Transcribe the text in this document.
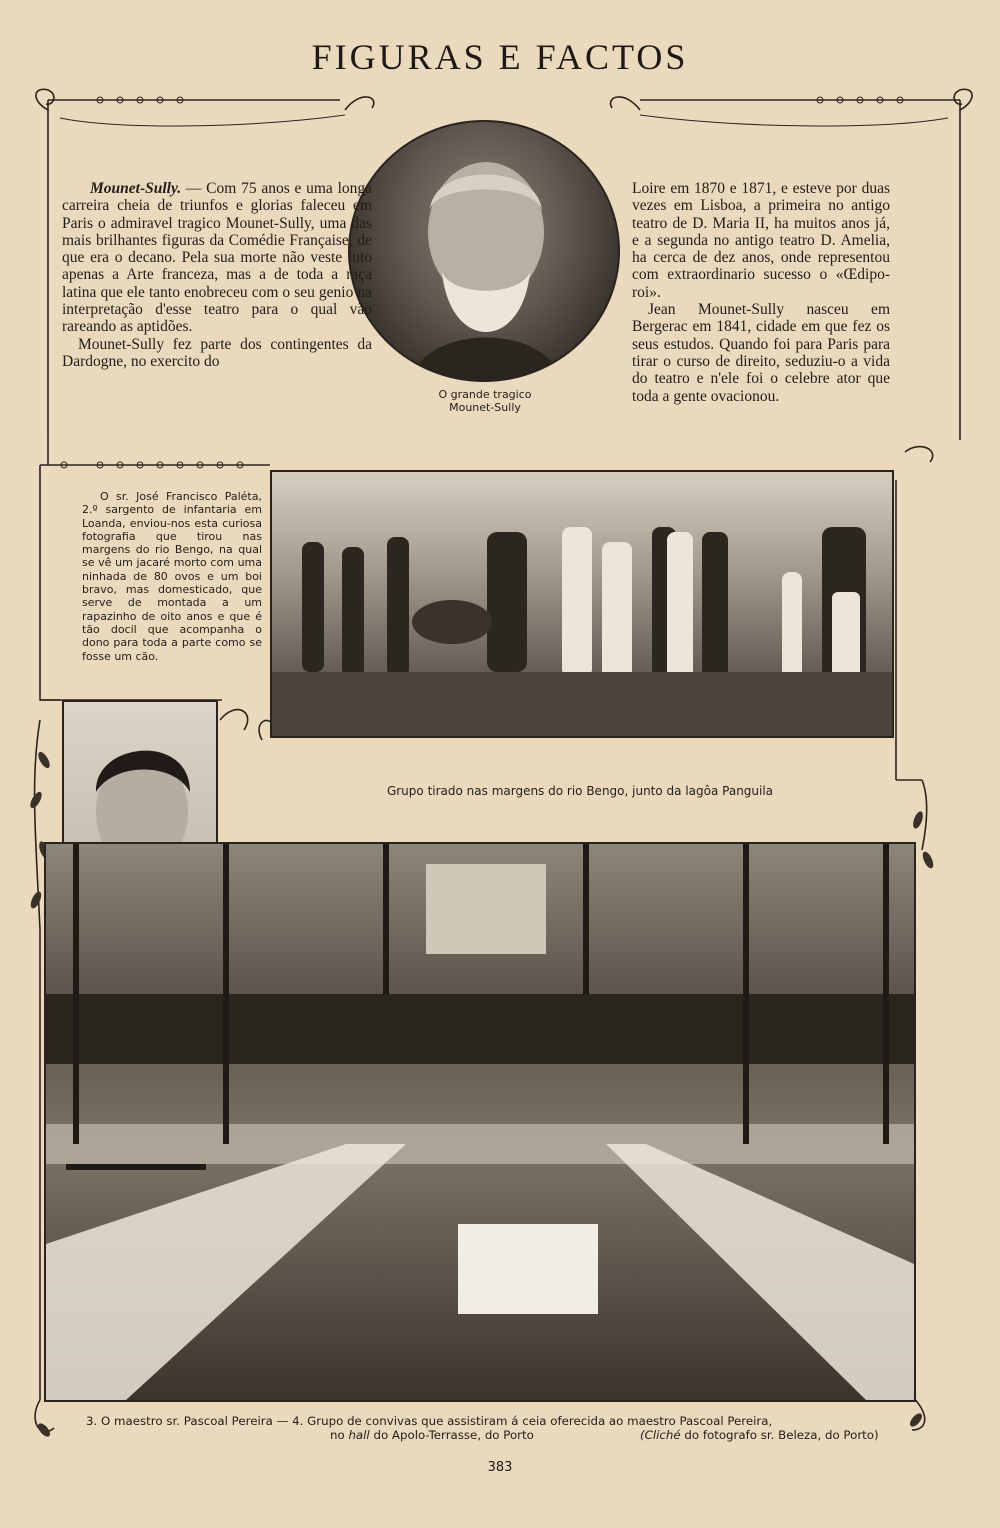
FIGURAS E FACTOS
O grande tragico
Mounet-Sully

Mounet-Sully. — Com 75 anos e uma longa carreira cheia de triunfos e glorias faleceu em Paris o admiravel tragico Mounet-Sully, uma das mais brilhantes figuras da Comédie Française, de que era o decano. Pela sua morte não veste luto apenas a Arte franceza, mas a de toda a raça latina que ele tanto enobreceu com o seu genio na interpretação d'esse teatro para o qual vão rareando as aptidões.

Mounet-Sully fez parte dos contingentes da Dardogne, no exercito do

Loire em 1870 e 1871, e esteve por duas vezes em Lisboa, a primeira no antigo teatro de D. Maria II, ha muitos anos já, e a segunda no antigo teatro D. Amelia, ha cerca de dez anos, onde representou com extraordinario sucesso o «Œdipo-roi».

Jean Mounet-Sully nasceu em Bergerac em 1841, cidade em que fez os seus estudos. Quando foi para Paris para tirar o curso de direito, seduziu-o a vida do teatro e n'ele foi o celebre ator que toda a gente ovacionou.

O sr. José Francisco Paléta, 2.º sargento de infantaria em Loanda, enviou-nos esta curiosa fotografia que tirou nas margens do rio Bengo, na qual se vê um jacaré morto com uma ninhada de 80 ovos e um boi bravo, mas domesticado, que serve de montada a um rapazinho de oito anos e que é tão docil que acompanha o dono para toda a parte como se fosse um cão.

Grupo tirado nas margens do rio Bengo, junto da lagôa Panguila
3. O maestro sr. Pascoal Pereira — 4. Grupo de convivas que assistiram á ceia oferecida ao maestro Pascoal Pereira,
no hall do Apolo-Terrasse, do Porto	(Cliché do fotografo sr. Beleza, do Porto)
383
